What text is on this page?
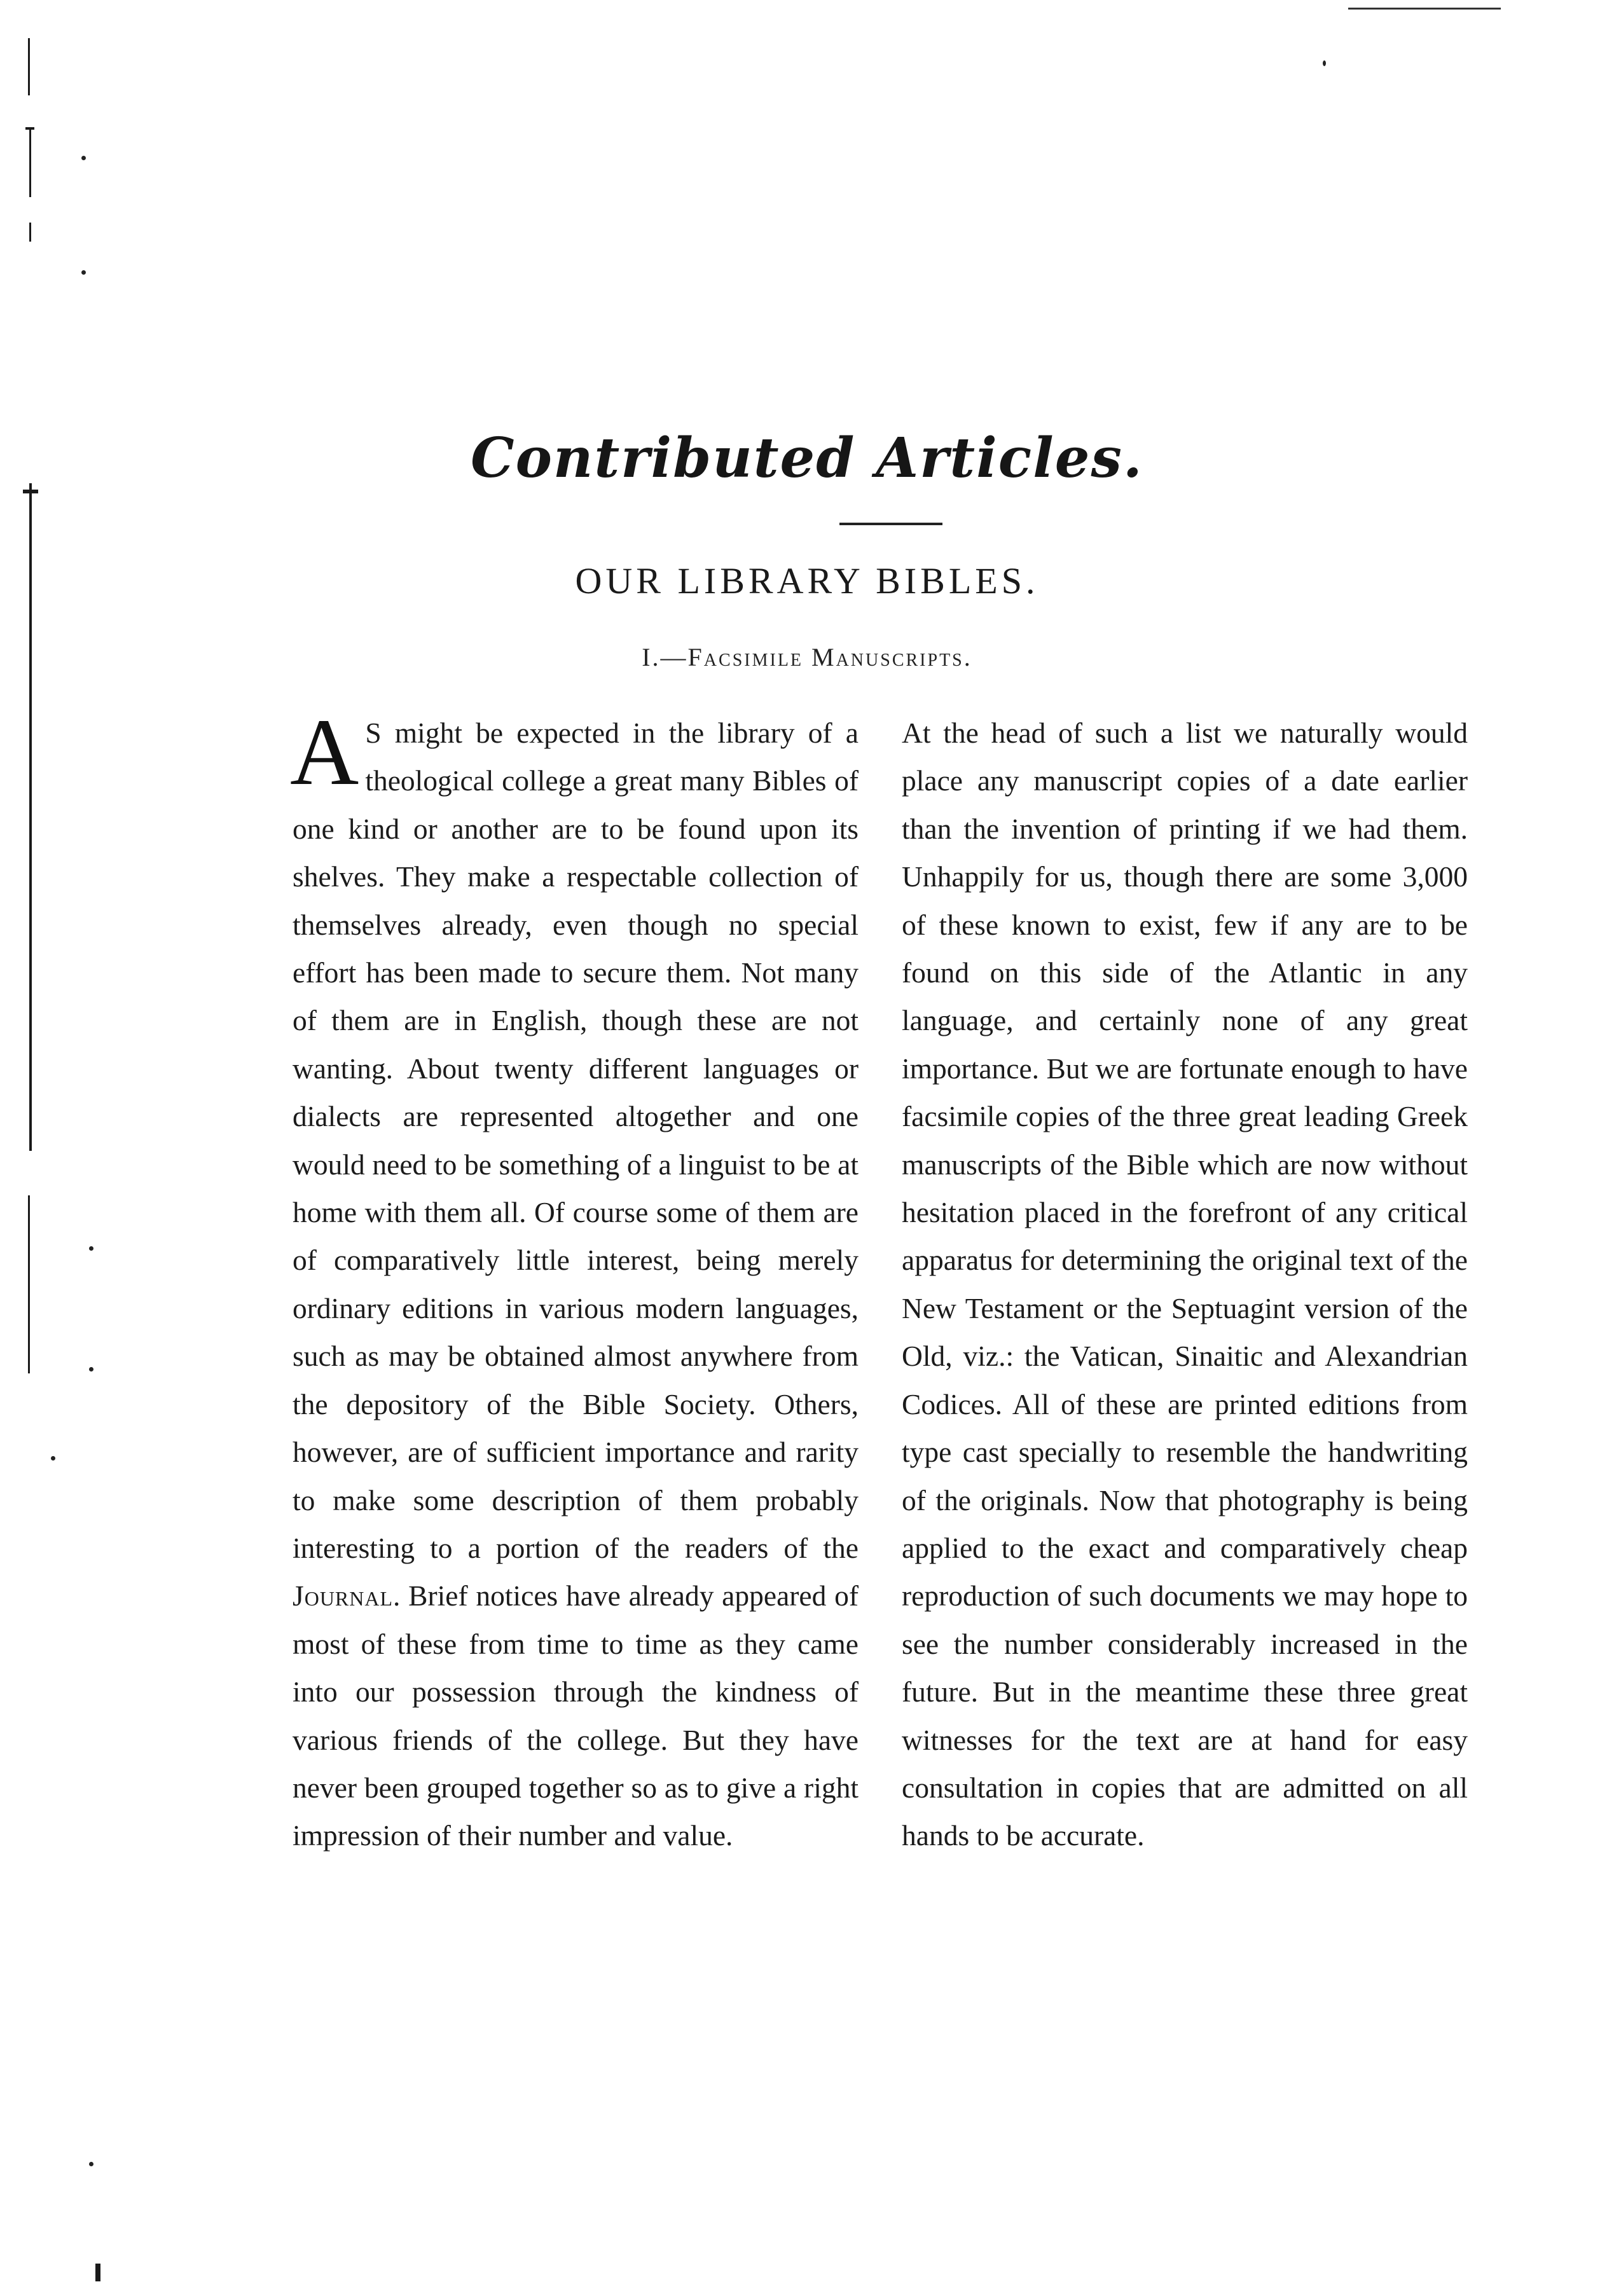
Contributed Articles.
OUR LIBRARY BIBLES.
I.—Facsimile Manuscripts.

A S might be expected in the library of a theological college a great many Bibles of one kind or another are to be found upon its shelves. They make a respectable collection of themselves already, even though no special effort has been made to secure them. Not many of them are in English, though these are not wanting. About twenty different languages or dialects are represented altogether and one would need to be something of a linguist to be at home with them all. Of course some of them are of comparatively little interest, being merely ordinary editions in various modern languages, such as may be obtained almost anywhere from the depository of the Bible Society. Others, however, are of sufficient importance and rarity to make some description of them probably interesting to a portion of the readers of the Journal. Brief notices have already appeared of most of these from time to time as they came into our possession through the kindness of various friends of the college. But they have never been grouped together so as to give a right impression of their number and value.

At the head of such a list we naturally would place any manuscript copies of a date earlier than the invention of printing if we had them. Unhappily for us, though there are some 3,000 of these known to exist, few if any are to be found on this side of the Atlantic in any language, and certainly none of any great importance. But we are fortunate enough to have facsimile copies of the three great leading Greek manuscripts of the Bible which are now without hesitation placed in the forefront of any critical apparatus for determining the original text of the New Testament or the Septuagint version of the Old, viz.: the Vatican, Sinaitic and Alexandrian Codices. All of these are printed editions from type cast specially to resemble the handwriting of the originals. Now that photography is being applied to the exact and comparatively cheap reproduction of such documents we may hope to see the number considerably increased in the future. But in the meantime these three great witnesses for the text are at hand for easy consultation in copies that are admitted on all hands to be accurate.
